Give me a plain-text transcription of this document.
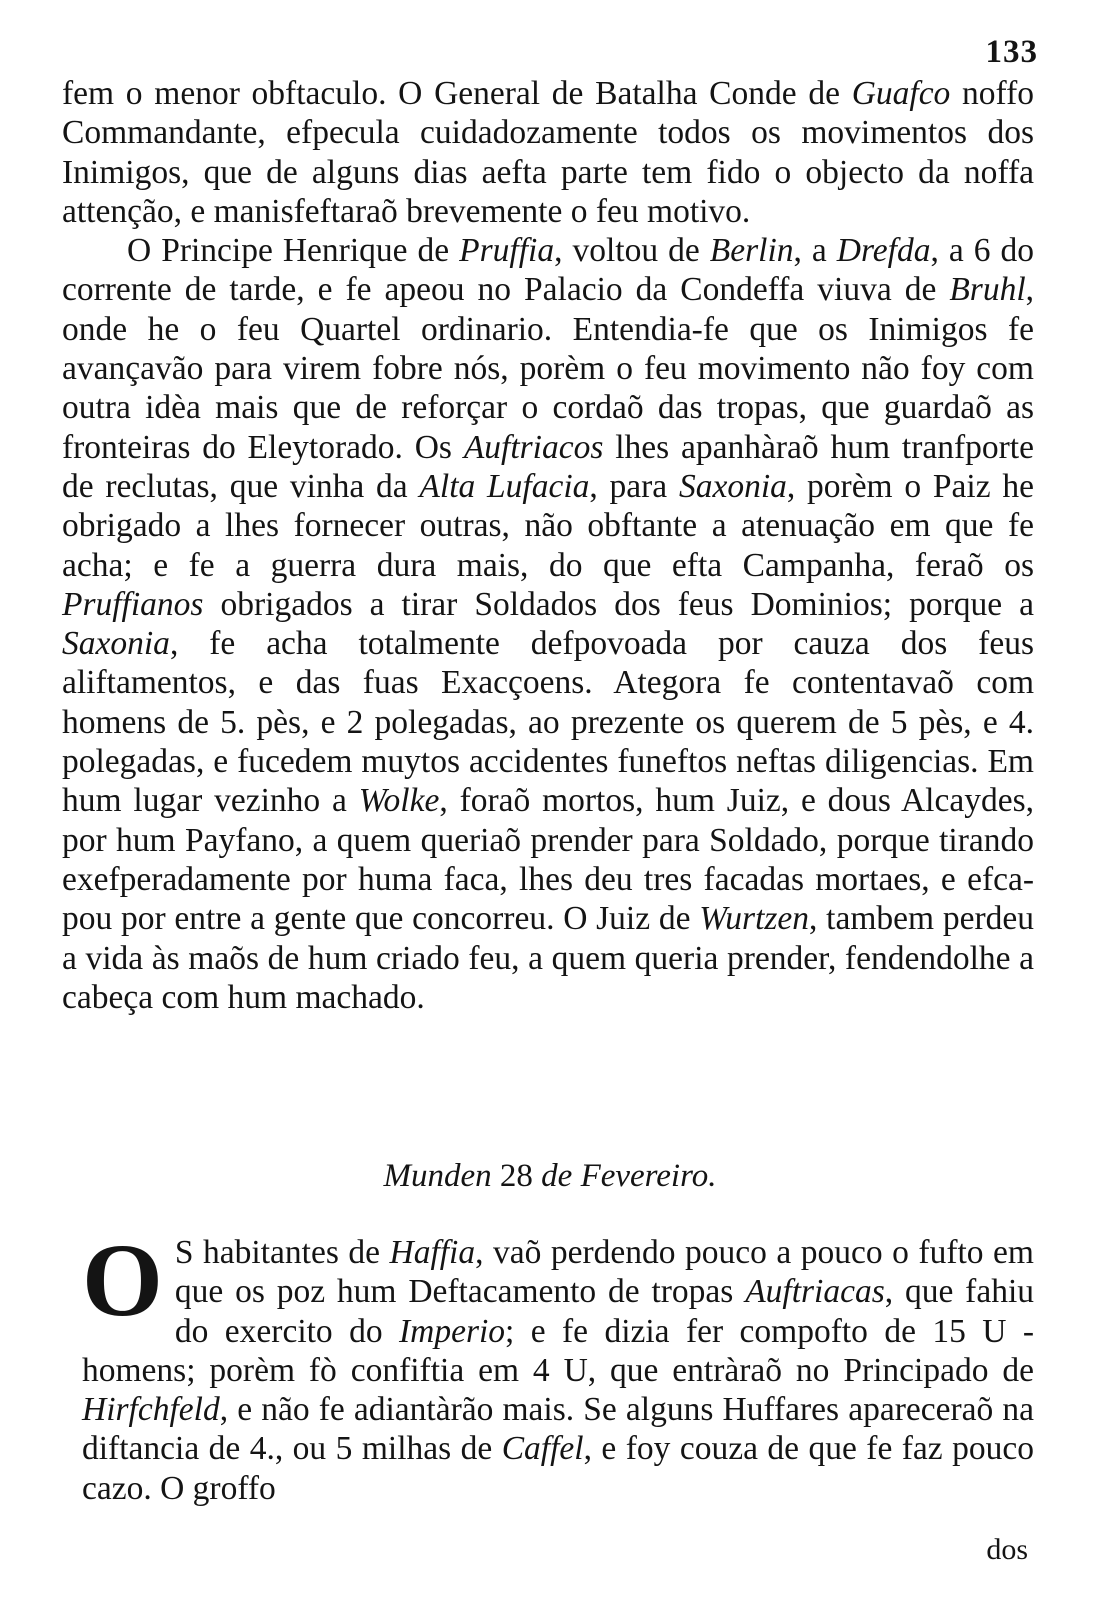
133

fem o menor obftaculo. O General de Batalha Conde de Guafco noffo Commandante, efpecula cuidadozamente todos os movimentos dos Inimigos, que de alguns dias aefta parte tem fido o objecto da noffa attenção, e manisfeftaraõ brevemente o feu motivo.

O Principe Henrique de Pruffia, voltou de Berlin, a Drefda, a 6 do corrente de tarde, e fe apeou no Palacio da Condeffa viuva de Bruhl, onde he o feu Quartel ordinario. Entendia-fe que os Inimigos fe avançavão para virem fobre nós, porèm o feu movimento não foy com outra idèa mais que de reforçar o cordaõ das tropas, que guardaõ as fronteiras do Eleytorado. Os Auftriacos lhes apanhàraõ hum tranfporte de reclutas, que vinha da Alta Lufacia, para Saxonia, porèm o Paiz he obrigado a lhes fornecer outras, não obftante a atenuação em que fe acha; e fe a guerra dura mais, do que efta Campanha, feraõ os Pruffianos obrigados a tirar Soldados dos feus Dominios; porque a Saxonia, fe acha totalmente defpovoada por cauza dos feus aliftamentos, e das fuas Exacçoens. Ategora fe contentavaõ com homens de 5. pès, e 2 polegadas, ao prezente os querem de 5 pès, e 4. polegadas, e fucedem muytos accidentes funeftos neftas diligencias. Em hum lugar vezinho a Wolke, foraõ mortos, hum Juiz, e dous Alcaydes, por hum Payfano, a quem queriaõ prender para Soldado, porque tirando exefperadamente por huma faca, lhes deu tres facadas mortaes, e efcapou por entre a gente que concorreu. O Juiz de Wurtzen, tambem perdeu a vida às maõs de hum criado feu, a quem queria prender, fendendolhe a cabeça com hum machado.

Munden 28 de Fevereiro.
O S habitantes de Haffia, vaõ perdendo pouco a pouco o fufto em que os poz hum Deftacamento de tropas Auftriacas, que fahiu do exercito do Imperio; e fe dizia fer compofto de 15 U - homens; porèm fò confiftia em 4 U, que entràraõ no Principado de Hirfchfeld, e não fe adiantàrão mais. Se alguns Huffares apareceraõ na diftancia de 4., ou 5 milhas de Caffel, e foy couza de que fe faz pouco cazo. O groffo

dos
